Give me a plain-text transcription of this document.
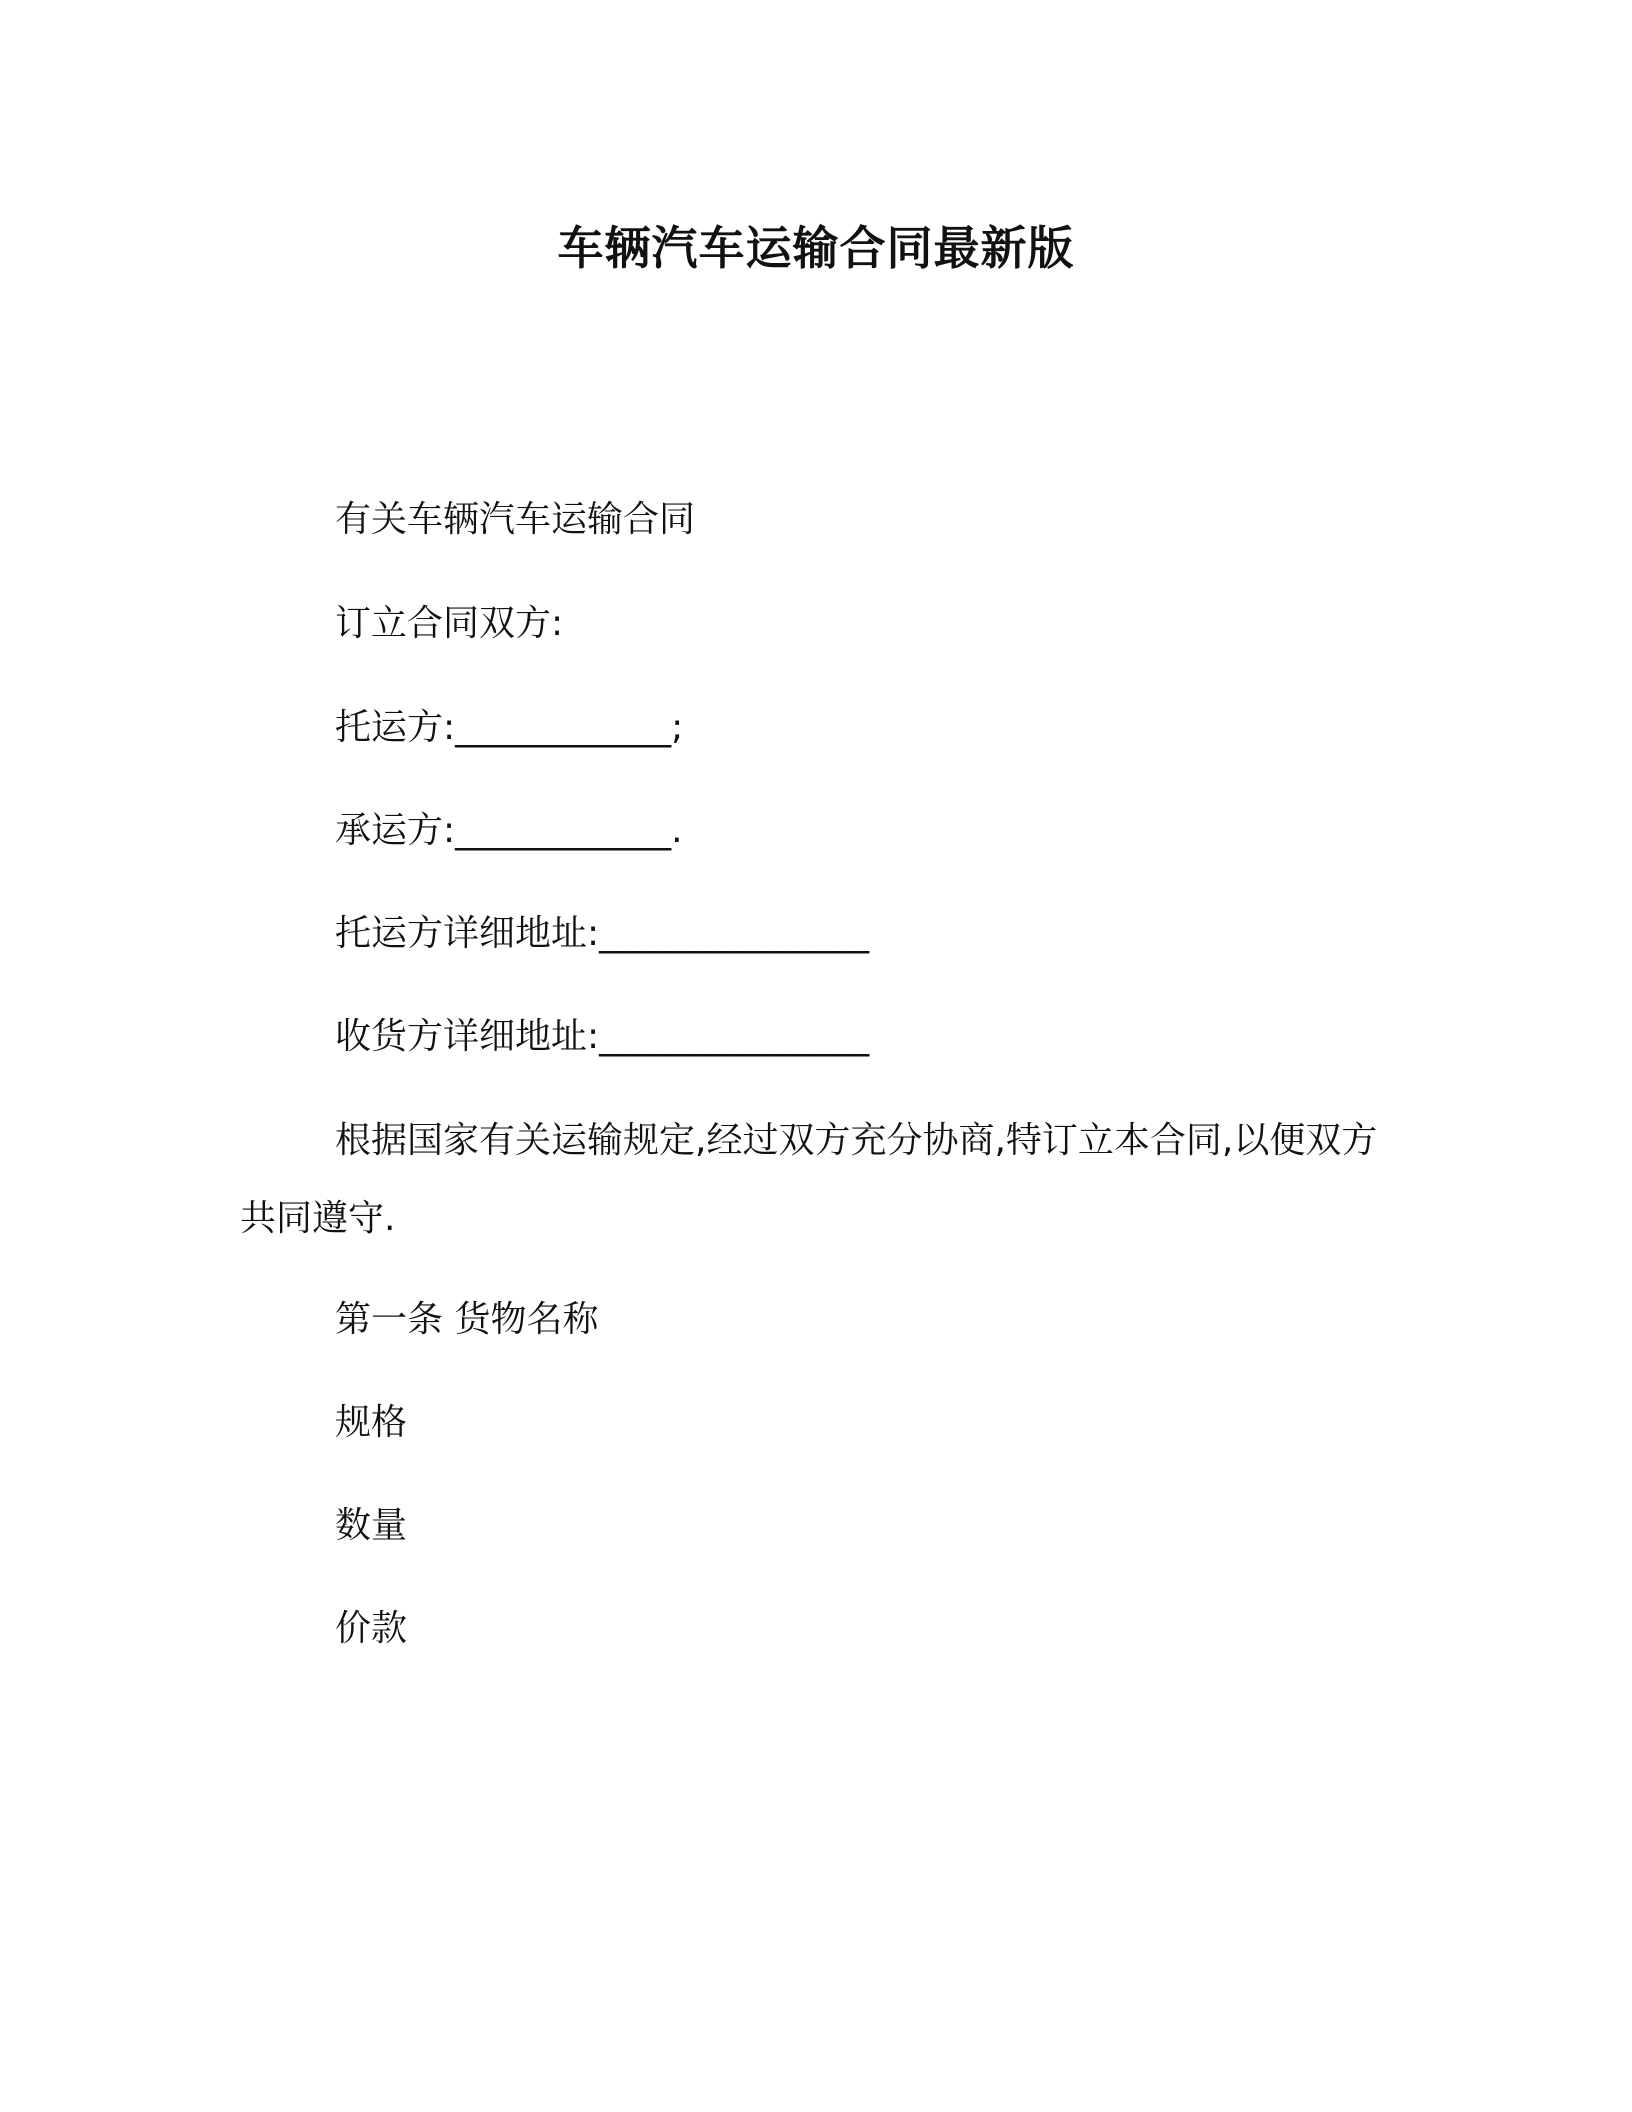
车辆汽车运输合同最新版
有关车辆汽车运输合同
订立合同双方:
托运方:____________;
承运方:____________.
托运方详细地址:_______________
收货方详细地址:_______________
根据国家有关运输规定,经过双方充分协商,特订立本合同,以便双方共同遵守.
第一条 货物名称
规格
数量
价款
